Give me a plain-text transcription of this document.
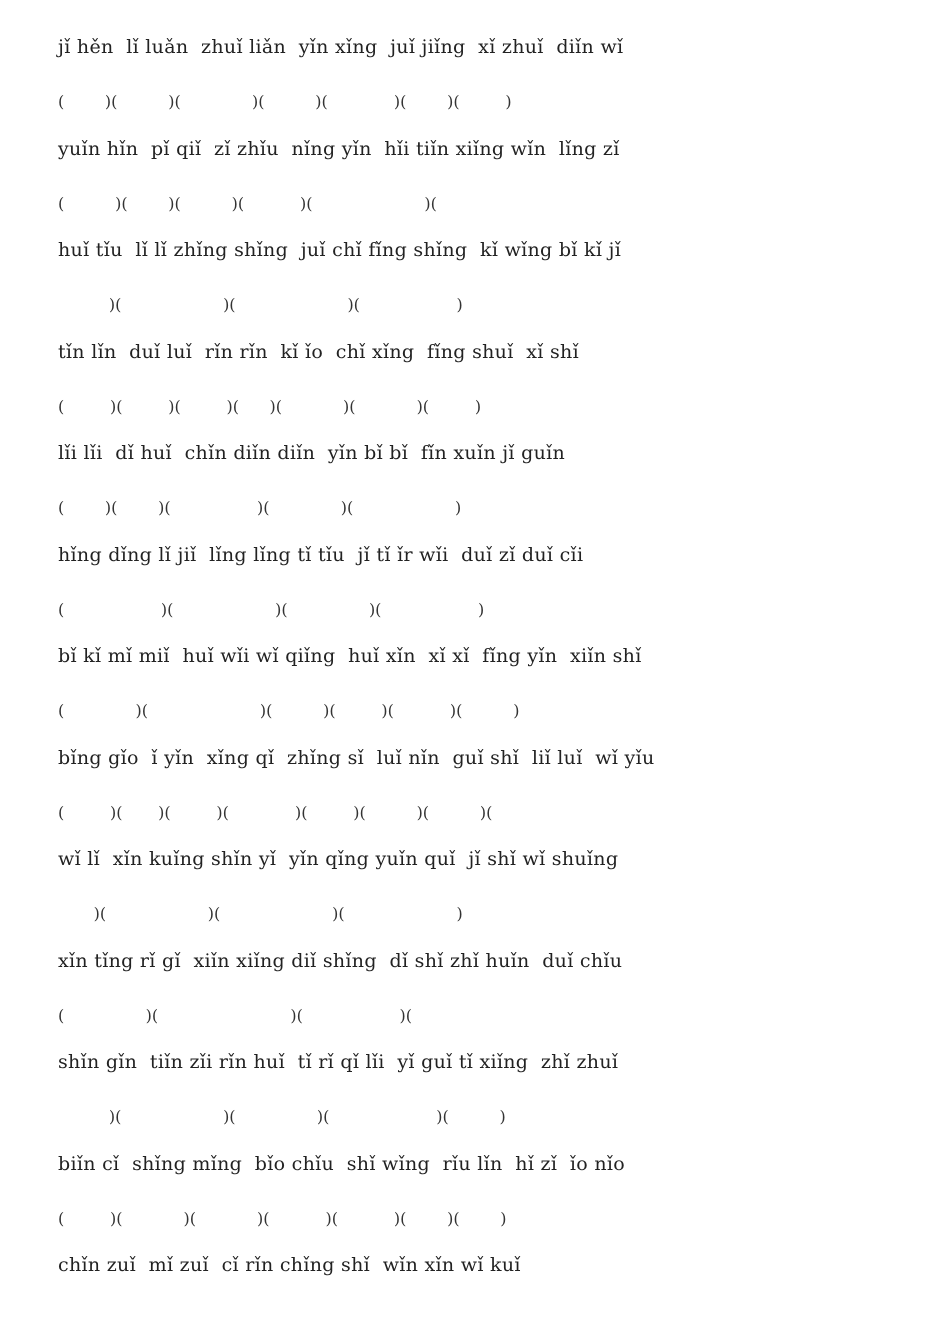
jǐ hěn  lǐ luǎn  zhuǐ liǎn  yǐn xǐng  juǐ jiǐng  xǐ zhuǐ  diǐn wǐ
(        )(          )(              )(          )(             )(        )(         )
yuǐn hǐn  pǐ qiǐ  zǐ zhǐu  nǐng yǐn  hǐi tiǐn xiǐng wǐn  lǐng zǐ
(          )(        )(          )(           )(                      )(
huǐ tǐu  lǐ lǐ zhǐng shǐng  juǐ chǐ fǐng shǐng  kǐ wǐng bǐ kǐ jǐ
)(                    )(                      )(                   )
tǐn lǐn  duǐ luǐ  rǐn rǐn  kǐ ǐo  chǐ xǐng  fǐng shuǐ  xǐ shǐ
(         )(         )(         )(      )(            )(            )(         )
lǐi lǐi  dǐ huǐ  chǐn diǐn diǐn  yǐn bǐ bǐ  fǐn xuǐn jǐ guǐn
(        )(        )(                 )(              )(                    )
hǐng dǐng lǐ jiǐ  lǐng lǐng tǐ tǐu  jǐ tǐ ǐr wǐi  duǐ zǐ duǐ cǐi
(                   )(                    )(                )(                   )
bǐ kǐ mǐ miǐ  huǐ wǐi wǐ qiǐng  huǐ xǐn  xǐ xǐ  fǐng yǐn  xiǐn shǐ
(              )(                      )(          )(         )(           )(          )
bǐng gǐo  ǐ yǐn  xǐng qǐ  zhǐng sǐ  luǐ nǐn  guǐ shǐ  liǐ luǐ  wǐ yǐu
(         )(       )(         )(             )(         )(          )(          )(
wǐ lǐ  xǐn kuǐng shǐn yǐ  yǐn qǐng yuǐn quǐ  jǐ shǐ wǐ shuǐng
)(                    )(                      )(                      )
xǐn tǐng rǐ gǐ  xiǐn xiǐng diǐ shǐng  dǐ shǐ zhǐ huǐn  duǐ chǐu
(                )(                          )(                   )(
shǐn gǐn  tiǐn zǐi rǐn huǐ  tǐ rǐ qǐ lǐi  yǐ guǐ tǐ xiǐng  zhǐ zhuǐ
)(                    )(                )(                     )(          )
biǐn cǐ  shǐng mǐng  bǐo chǐu  shǐ wǐng  rǐu lǐn  hǐ zǐ  ǐo nǐo
(         )(            )(            )(           )(           )(        )(        )
chǐn zuǐ  mǐ zuǐ  cǐ rǐn chǐng shǐ  wǐn xǐn wǐ kuǐ
